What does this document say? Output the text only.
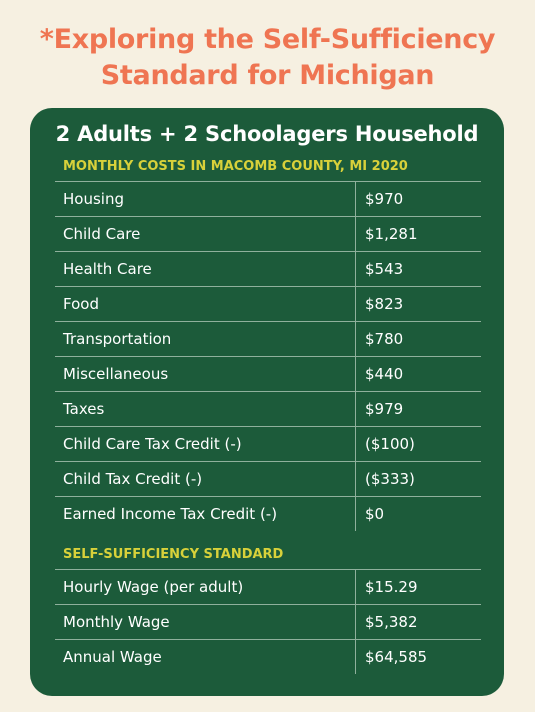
*Exploring the Self-Sufficiency
Standard for Michigan
2 Adults + 2 Schoolagers Household
MONTHLY COSTS IN MACOMB COUNTY, MI 2020
Housing	$970
Child Care	$1,281
Health Care	$543
Food	$823
Transportation	$780
Miscellaneous	$440
Taxes	$979
Child Care Tax Credit (-)	($100)
Child Tax Credit (-)	($333)
Earned Income Tax Credit (-)	$0
SELF-SUFFICIENCY STANDARD
Hourly Wage (per adult)	$15.29
Monthly Wage	$5,382
Annual Wage	$64,585
